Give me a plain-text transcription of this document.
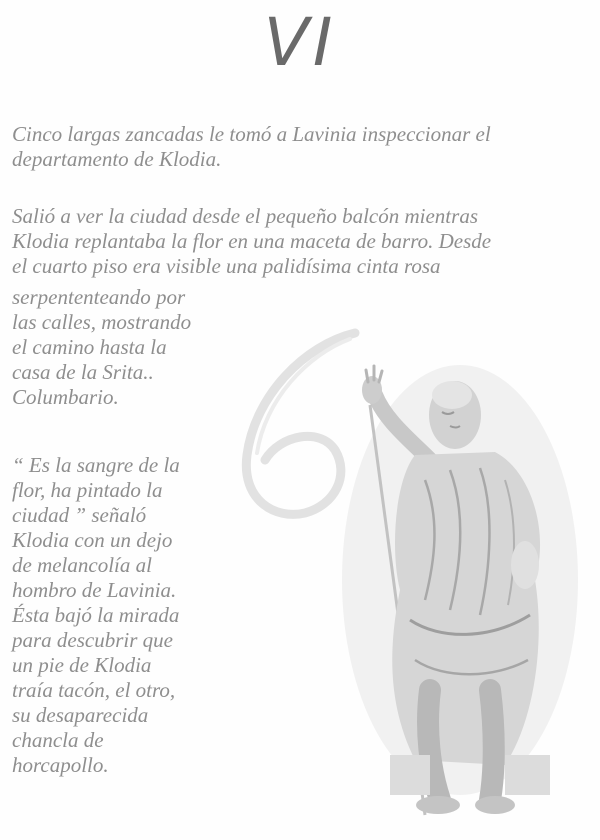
VI

Cinco largas zancadas le tomó a Lavinia inspeccionar el
departamento de Klodia.

Salió a ver la ciudad desde el pequeño balcón mientras
Klodia replantaba la flor en una maceta de barro. Desde
el cuarto piso era visible una palidísima cinta rosa

serpententeando por
las calles, mostrando
el camino hasta la
casa de la Srita..
Columbario.

“ Es la sangre de la
flor, ha pintado la
ciudad ” señaló
Klodia con un dejo
de melancolía al
hombro de Lavinia.
Ésta bajó la mirada
para descubrir que
un pie de Klodia
traía tacón, el otro,
su desaparecida
chancla de
horcapollo.
